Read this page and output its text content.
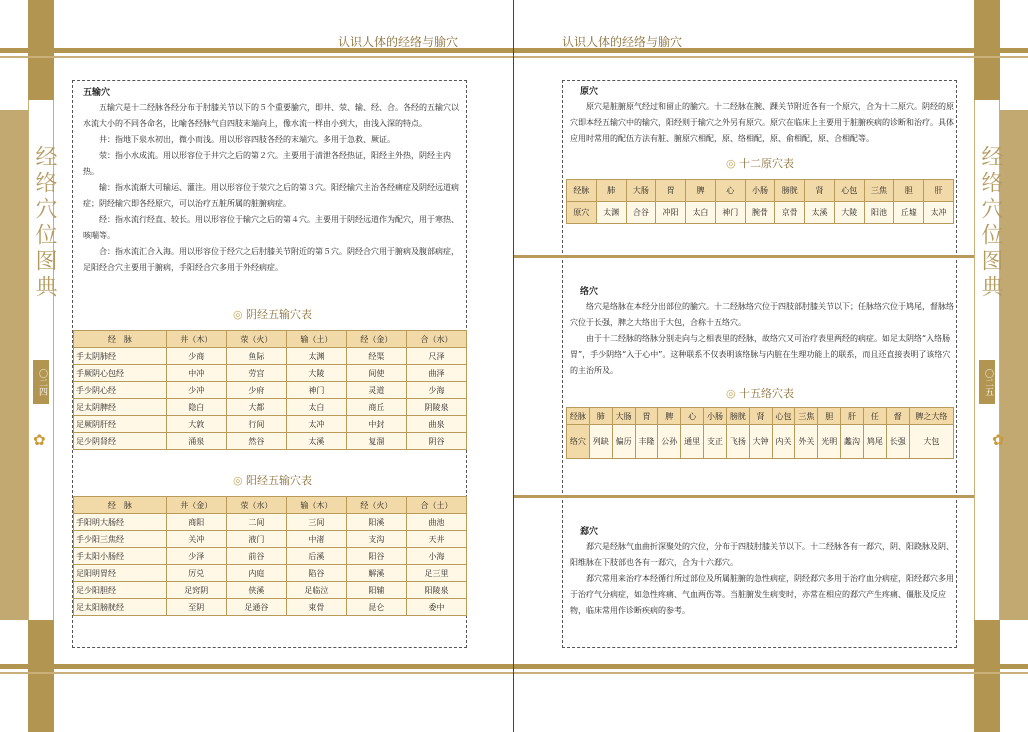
经络穴位图典
〇二四
✿
认识人体的经络与腧穴
五输穴

五输穴是十二经脉各经分布于肘膝关节以下的５个重要腧穴，即井、荥、输、经、合。各经的五输穴以水流大小的不同各命名，比喻各经脉气自四肢末端向上，像水流一样由小到大，由浅入深的特点。

井：指地下泉水初出，微小而浅。用以形容四肢各经的末端穴。多用于急救、厥证。

荥：指小水成流。用以形容位于井穴之后的第２穴。主要用于清泄各经热证，阳经主外热，阴经主内热。

输：指水流渐大可输运、灌注。用以形容位于荥穴之后的第３穴。阳经输穴主治各经痛症及阴经远道病症；阴经输穴即各经原穴，可以治疗五脏所属的脏腑病症。

经：指水流行经直、较长。用以形容位于输穴之后的第４穴。主要用于阴经远道作为配穴，用于寒热、咳喘等。

合：指水流汇合入海。用以形容位于经穴之后肘膝关节附近的第５穴。阴经合穴用于腑病及腹部病症，足阳经合穴主要用于腑病，手阳经合穴多用于外经病症。

◎ 阴经五输穴表
经　脉	井（木）	荥（火）	输（土）	经（金）	合（水）
手太阴肺经	少商	鱼际	太渊	经渠	尺泽
手厥阴心包经	中冲	劳宫	大陵	间使	曲泽
手少阴心经	少冲	少府	神门	灵道	少海
足太阴脾经	隐白	大都	太白	商丘	阴陵泉
足厥阴肝经	大敦	行间	太冲	中封	曲泉
足少阴肾经	涌泉	然谷	太溪	复溜	阴谷
◎ 阳经五输穴表
经　脉	井（金）	荥（水）	输（木）	经（火）	合（土）
手阳明大肠经	商阳	二间	三间	阳溪	曲池
手少阳三焦经	关冲	液门	中渚	支沟	天井
手太阳小肠经	少泽	前谷	后溪	阳谷	小海
足阳明胃经	厉兑	内庭	陷谷	解溪	足三里
足少阳胆经	足窍阴	侠溪	足临泣	阳辅	阳陵泉
足太阳膀胱经	至阴	足通谷	束骨	昆仑	委中
经络穴位图典
〇二五
✿
认识人体的经络与腧穴
原穴

原穴是脏腑原气经过和留止的腧穴。十二经脉在腕、踝关节附近各有一个原穴，合为十二原穴。阴经的原穴即本经五输穴中的输穴，阳经则于输穴之外另有原穴。原穴在临床上主要用于脏腑疾病的诊断和治疗。具体应用时常用的配伍方法有脏、腑原穴相配，原、络相配，原、俞相配，原、合相配等。

◎ 十二原穴表
经脉	肺	大肠	胃	脾	心	小肠	膀胱	肾	心包	三焦	胆	肝
原穴	太渊	合谷	冲阳	太白	神门	腕骨	京骨	太溪	大陵	阳池	丘墟	太冲
络穴

络穴是络脉在本经分出部位的腧穴。十二经脉络穴位于四肢部肘膝关节以下；任脉络穴位于鸠尾，督脉络穴位于长强，脾之大络出于大包，合称十五络穴。

由于十二经脉的络脉分别走向与之相表里的经脉，故络穴又可治疗表里两经的病症。如足太阴络“入络肠胃”，手少阴络“入于心中”。这种联系不仅表明该络脉与内脏在生理功能上的联系，而且还直接表明了该络穴的主治所及。

◎ 十五络穴表
经脉	肺	大肠	胃	脾	心	小肠	膀胱	肾	心包	三焦	胆	肝	任	督	脾之大络
络穴	列缺	偏历	丰隆	公孙	通里	支正	飞扬	大钟	内关	外关	光明	蠡沟	鸠尾	长强	大包
郄穴

郄穴是经脉气血曲折深聚处的穴位，分布于四肢肘膝关节以下。十二经脉各有一郄穴，阴、阳跷脉及阴、阳维脉在下肢部也各有一郄穴，合为十六郄穴。

郄穴常用来治疗本经循行所过部位及所属脏腑的急性病症，阴经郄穴多用于治疗血分病症，阳经郄穴多用于治疗气分病症，如急性疼痛、气血两伤等。当脏腑发生病变时，亦常在相应的郄穴产生疼痛、僵胀及反应物，临床常用作诊断疾病的参考。
